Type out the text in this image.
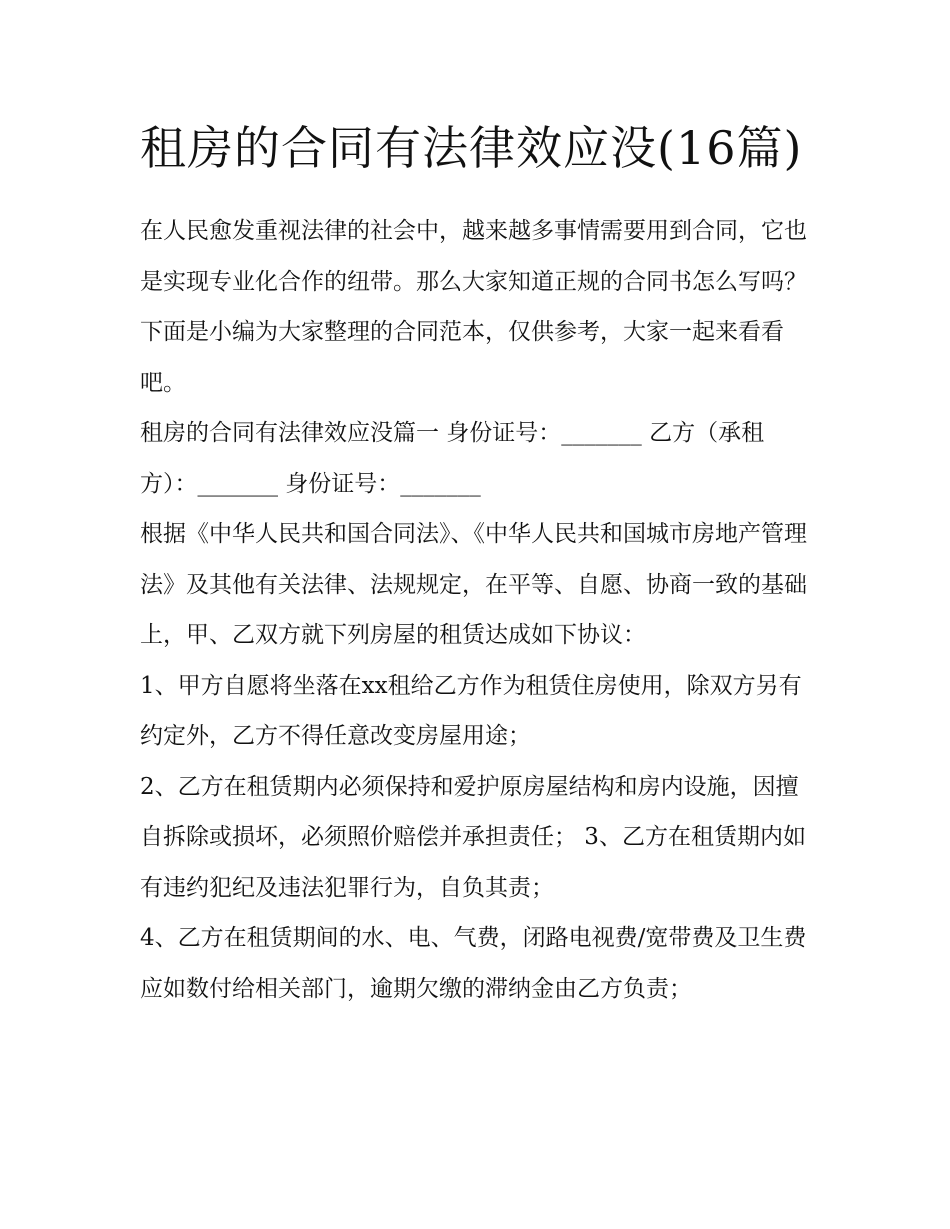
租房的合同有法律效应没(16篇)

在人民愈发重视法律的社会中，越来越多事情需要用到合同，它也是实现专业化合作的纽带。那么大家知道正规的合同书怎么写吗？下面是小编为大家整理的合同范本，仅供参考，大家一起来看看吧。

租房的合同有法律效应没篇一 身份证号：_______ 乙方（承租方）：_______ 身份证号：_______

根据《中华人民共和国合同法》、《中华人民共和国城市房地产管理法》及其他有关法律、法规规定，在平等、自愿、协商一致的基础上，甲、乙双方就下列房屋的租赁达成如下协议：

1、甲方自愿将坐落在xx租给乙方作为租赁住房使用，除双方另有约定外，乙方不得任意改变房屋用途；

2、乙方在租赁期内必须保持和爱护原房屋结构和房内设施，因擅自拆除或损坏，必须照价赔偿并承担责任； 3、乙方在租赁期内如有违约犯纪及违法犯罪行为，自负其责；

4、乙方在租赁期间的水、电、气费，闭路电视费/宽带费及卫生费应如数付给相关部门，逾期欠缴的滞纳金由乙方负责；
